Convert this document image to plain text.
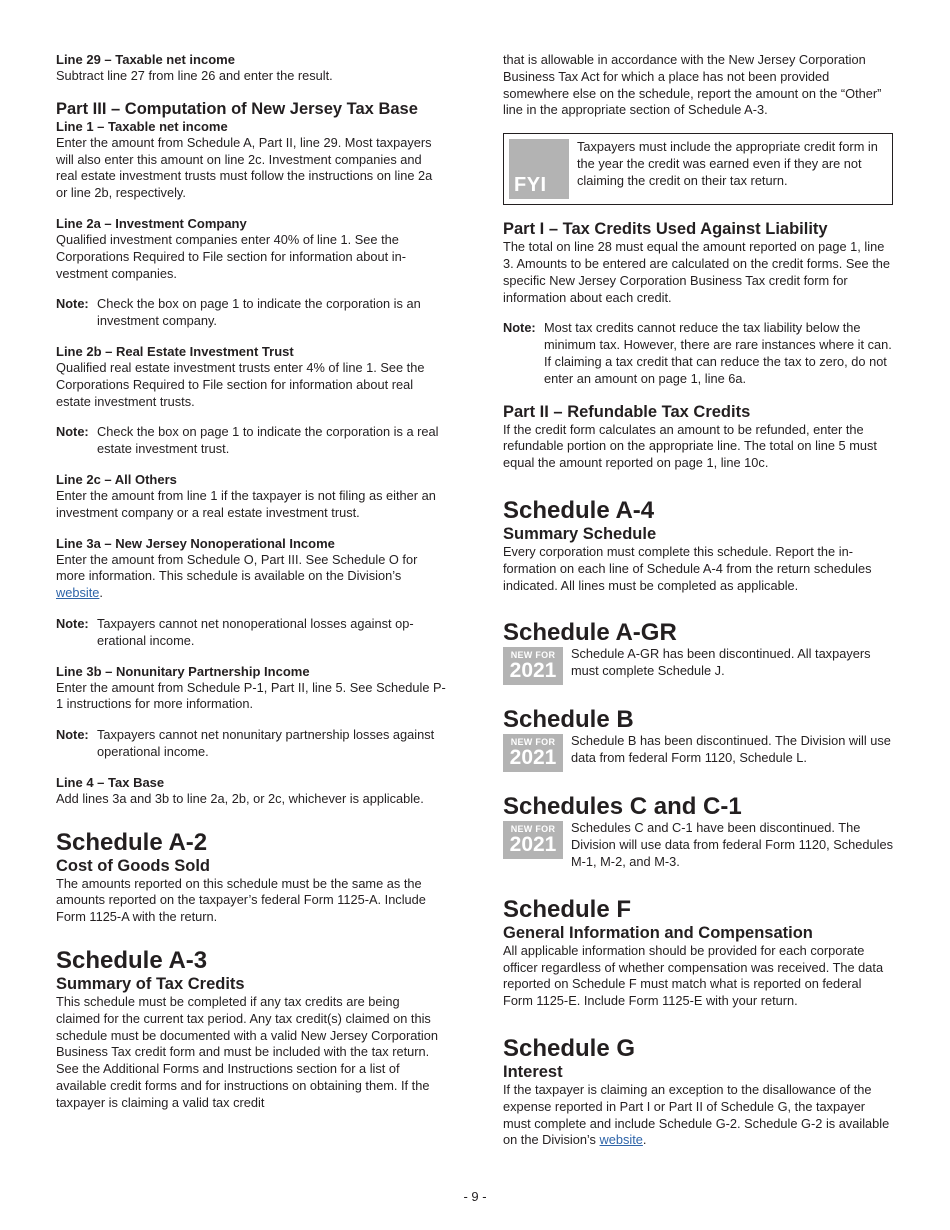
Line 29 – Taxable net income

Subtract line 27 from line 26 and enter the result.

Part III – Computation of New Jersey Tax Base

Line 1 – Taxable net income

Enter the amount from Schedule A, Part II, line 29. Most taxpayers will also enter this amount on line 2c. Investment companies and real estate investment trusts must follow the instructions on line 2a or line 2b, respectively.

Line 2a – Investment Company

Qualified investment companies enter 40% of line 1. See the Corporations Required to File section for information about investment companies.

Note: Check the box on page 1 to indicate the corporation is an investment company.

Line 2b – Real Estate Investment Trust

Qualified real estate investment trusts enter 4% of line 1. See the Corporations Required to File section for information about real estate investment trusts.

Note: Check the box on page 1 to indicate the corporation is a real estate investment trust.

Line 2c – All Others

Enter the amount from line 1 if the taxpayer is not filing as either an investment company or a real estate investment trust.

Line 3a – New Jersey Nonoperational Income

Enter the amount from Schedule O, Part III. See Schedule O for more information. This schedule is available on the Division’s website.

Note: Taxpayers cannot net nonoperational losses against operational income.

Line 3b – Nonunitary Partnership Income

Enter the amount from Schedule P-1, Part II, line 5. See Schedule P-1 instructions for more information.

Note: Taxpayers cannot net nonunitary partnership losses against operational income.

Line 4 – Tax Base

Add lines 3a and 3b to line 2a, 2b, or 2c, whichever is applicable.

Schedule A-2

Cost of Goods Sold

The amounts reported on this schedule must be the same as the amounts reported on the taxpayer’s federal Form 1125-A. Include Form 1125-A with the return.

Schedule A-3

Summary of Tax Credits

This schedule must be completed if any tax credits are being claimed for the current tax period. Any tax credit(s) claimed on this schedule must be documented with a valid New Jersey Corporation Business Tax credit form and must be included with the tax return. See the Additional Forms and Instructions section for a list of available credit forms and for instructions on obtaining them. If the taxpayer is claiming a valid tax credit

that is allowable in accordance with the New Jersey Corporation Business Tax Act for which a place has not been provided somewhere else on the schedule, report the amount on the “Other” line in the appropriate section of Schedule A-3.

FYI

Taxpayers must include the appropriate credit form in the year the credit was earned even if they are not claiming the credit on their tax return.

Part I – Tax Credits Used Against Liability

The total on line 28 must equal the amount reported on page 1, line 3. Amounts to be entered are calculated on the credit forms. See the specific New Jersey Corporation Business Tax credit form for information about each credit.

Note: Most tax credits cannot reduce the tax liability below the minimum tax. However, there are rare instances where it can. If claiming a tax credit that can reduce the tax to zero, do not enter an amount on page 1, line 6a.

Part II – Refundable Tax Credits

If the credit form calculates an amount to be refunded, enter the refundable portion on the appropriate line. The total on line 5 must equal the amount reported on page 1, line 10c.

Schedule A-4

Summary Schedule

Every corporation must complete this schedule. Report the information on each line of Schedule A-4 from the return schedules indicated. All lines must be completed as applicable.

Schedule A-GR

NEW FOR
2021

Schedule A-GR has been discontinued. All taxpayers must complete Schedule J.

Schedule B

NEW FOR
2021

Schedule B has been discontinued. The Division will use data from federal Form 1120, Schedule L.

Schedules C and C-1

NEW FOR
2021

Schedules C and C-1 have been discontinued. The Division will use data from federal Form 1120, Schedules M-1, M-2, and M-3.

Schedule F

General Information and Compensation

All applicable information should be provided for each corporate officer regardless of whether compensation was received. The data reported on Schedule F must match what is reported on federal Form 1125-E. Include Form 1125-E with your return.

Schedule G

Interest

If the taxpayer is claiming an exception to the disallowance of the expense reported in Part I or Part II of Schedule G, the taxpayer must complete and include Schedule G-2. Schedule G-2 is available on the Division’s website.

- 9 -
